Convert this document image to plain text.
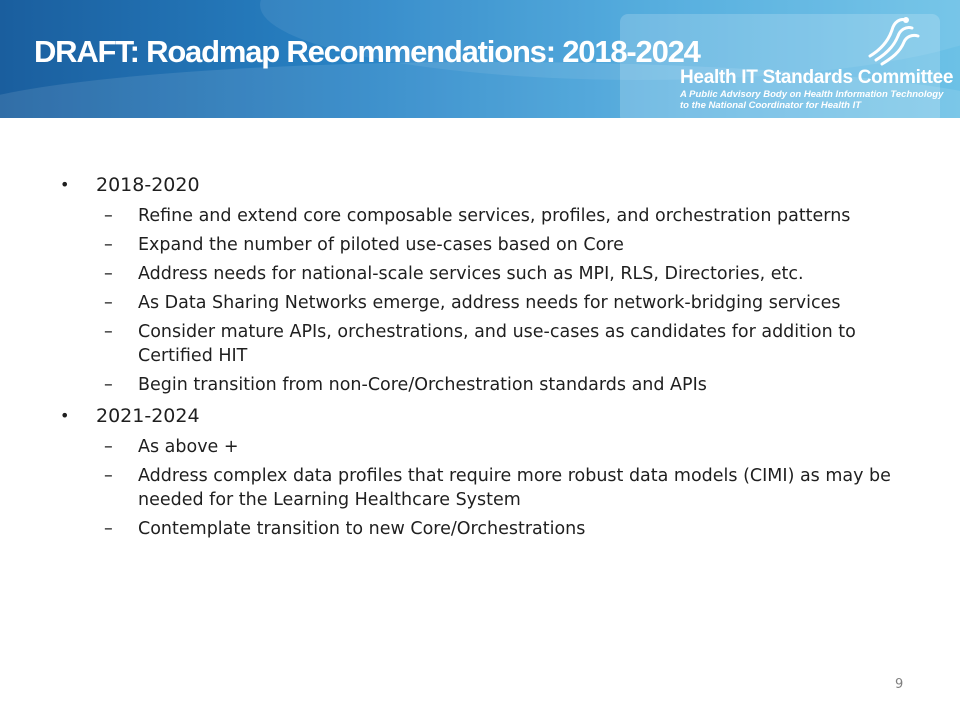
DRAFT: Roadmap Recommendations: 2018-2024
Health IT Standards Committee
A Public Advisory Body on Health Information Technology
to the National Coordinator for Health IT
• 2018-2020
– Refine and extend core composable services, profiles, and orchestration patterns
– Expand the number of piloted use-cases based on Core
– Address needs for national-scale services such as MPI, RLS, Directories, etc.
– As Data Sharing Networks emerge, address needs for network-bridging services
– Consider mature APIs, orchestrations, and use-cases as candidates for addition to Certified HIT
– Begin transition from non-Core/Orchestration standards and APIs
• 2021-2024
– As above +
– Address complex data profiles that require more robust data models (CIMI) as may be needed for the Learning Healthcare System
– Contemplate transition to new Core/Orchestrations
9
